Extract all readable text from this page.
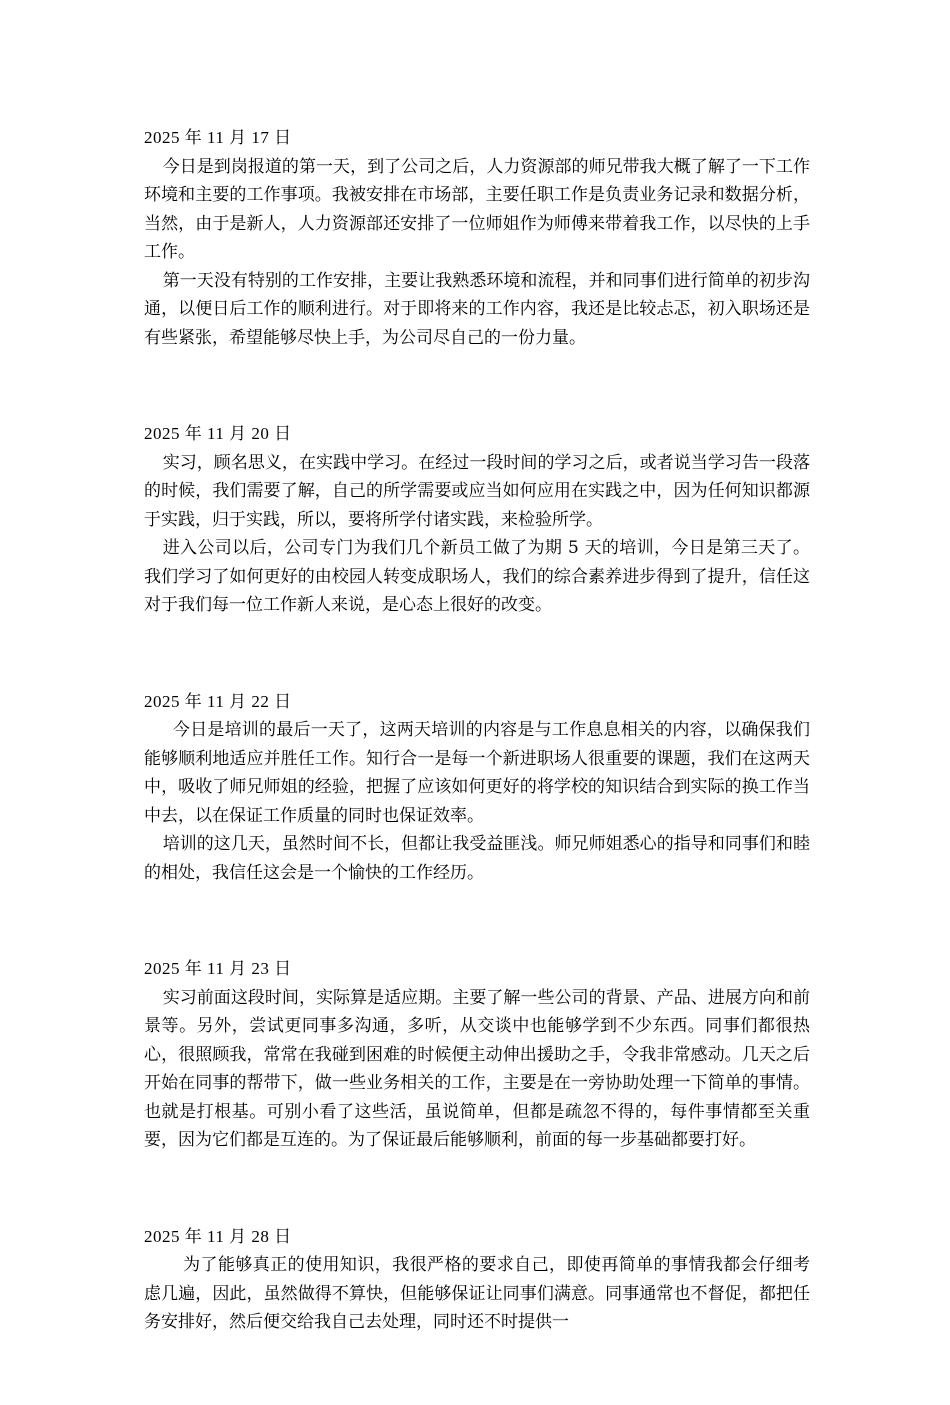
2025 年 11 月 17 日

今日是到岗报道的第一天，到了公司之后，人力资源部的师兄带我大概了解了一下工作环境和主要的工作事项。我被安排在市场部，主要任职工作是负责业务记录和数据分析，当然，由于是新人，人力资源部还安排了一位师姐作为师傅来带着我工作，以尽快的上手工作。

第一天没有特别的工作安排，主要让我熟悉环境和流程，并和同事们进行简单的初步沟通，以便日后工作的顺利进行。对于即将来的工作内容，我还是比较忐忑，初入职场还是有些紧张，希望能够尽快上手，为公司尽自己的一份力量。

2025 年 11 月 20 日

实习，顾名思义，在实践中学习。在经过一段时间的学习之后，或者说当学习告一段落的时候，我们需要了解，自己的所学需要或应当如何应用在实践之中，因为任何知识都源于实践，归于实践，所以，要将所学付诸实践，来检验所学。

进入公司以后，公司专门为我们几个新员工做了为期 5 天的培训，今日是第三天了。我们学习了如何更好的由校园人转变成职场人，我们的综合素养进步得到了提升，信任这对于我们每一位工作新人来说，是心态上很好的改变。

2025 年 11 月 22 日

今日是培训的最后一天了，这两天培训的内容是与工作息息相关的内容，以确保我们能够顺利地适应并胜任工作。知行合一是每一个新进职场人很重要的课题，我们在这两天中，吸收了师兄师姐的经验，把握了应该如何更好的将学校的知识结合到实际的换工作当中去，以在保证工作质量的同时也保证效率。

培训的这几天，虽然时间不长，但都让我受益匪浅。师兄师姐悉心的指导和同事们和睦的相处，我信任这会是一个愉快的工作经历。

2025 年 11 月 23 日

实习前面这段时间，实际算是适应期。主要了解一些公司的背景、产品、进展方向和前景等。另外，尝试更同事多沟通，多听，从交谈中也能够学到不少东西。同事们都很热心，很照顾我，常常在我碰到困难的时候便主动伸出援助之手，令我非常感动。几天之后开始在同事的帮带下，做一些业务相关的工作，主要是在一旁协助处理一下简单的事情。也就是打根基。可别小看了这些活，虽说简单，但都是疏忽不得的，每件事情都至关重要，因为它们都是互连的。为了保证最后能够顺利，前面的每一步基础都要打好。

2025 年 11 月 28 日

为了能够真正的使用知识，我很严格的要求自己，即使再简单的事情我都会仔细考虑几遍，因此，虽然做得不算快，但能够保证让同事们满意。同事通常也不督促，都把任务安排好，然后便交给我自己去处理，同时还不时提供一
